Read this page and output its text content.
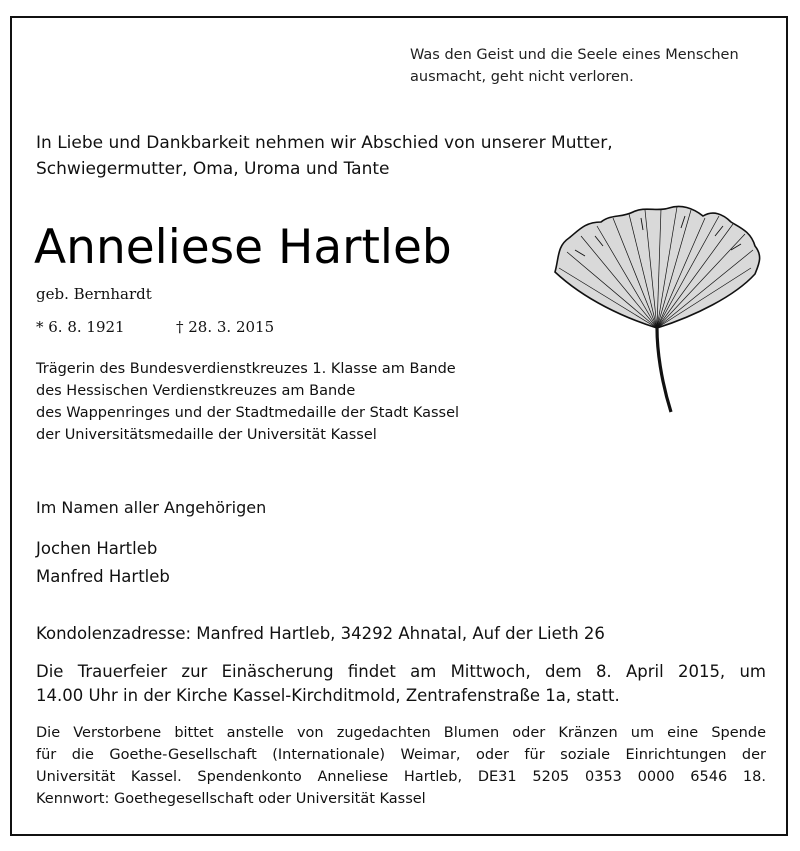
Was den Geist und die Seele eines Menschen
ausmacht, geht nicht verloren.
In Liebe und Dankbarkeit nehmen wir Abschied von unserer Mutter,
Schwiegermutter, Oma, Uroma und Tante
Anneliese Hartleb
geb. Bernhardt
* 6. 8. 1921	† 28. 3. 2015
Trägerin des Bundesverdienstkreuzes 1. Klasse am Bande
des Hessischen Verdienstkreuzes am Bande
des Wappenringes und der Stadtmedaille der Stadt Kassel
der Universitätsmedaille der Universität Kassel
Im Namen aller Angehörigen
Jochen Hartleb
Manfred Hartleb
Kondolenzadresse: Manfred Hartleb, 34292 Ahnatal, Auf der Lieth 26
Die Trauerfeier zur Einäscherung findet am Mittwoch, dem 8. April 2015, um
14.00 Uhr in der Kirche Kassel-Kirchditmold, Zentrafenstraße 1a, statt.
Die Verstorbene bittet anstelle von zugedachten Blumen oder Kränzen um eine Spende
für die Goethe-Gesellschaft (Internationale) Weimar, oder für soziale Einrichtungen der
Universität Kassel. Spendenkonto Anneliese Hartleb, DE31 5205 0353 0000 6546 18.
Kennwort: Goethegesellschaft oder Universität Kassel
